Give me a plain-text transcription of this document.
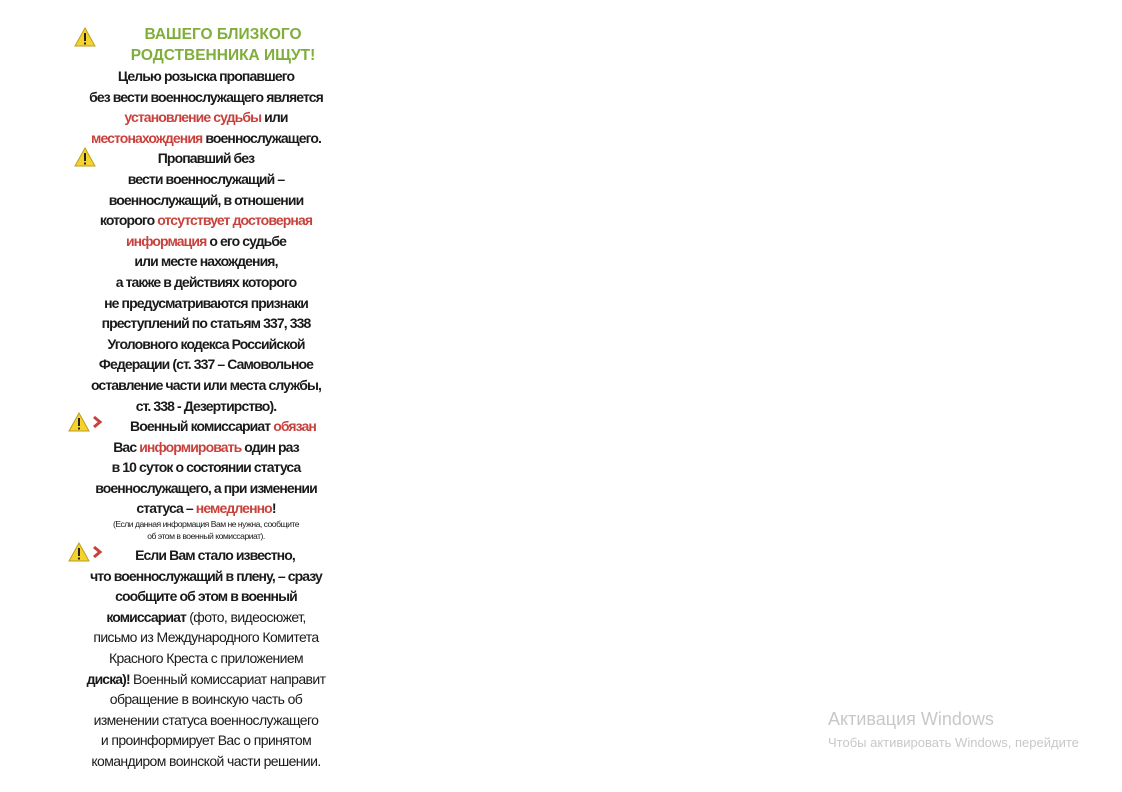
ВАШЕГО БЛИЗКОГО
РОДСТВЕННИКА ИЩУТ!
Целью розыска пропавшего
без вести военнослужащего является
установление судьбы или
местонахождения военнослужащего.
Пропавший без
вести военнослужащий –
военнослужащий, в отношении
которого отсутствует достоверная
информация о его судьбе
или месте нахождения,
а также в действиях которого
не предусматриваются признаки
преступлений по статьям 337, 338
Уголовного кодекса Российской
Федерации (ст. 337 – Самовольное
оставление части или места службы,
ст. 338 - Дезертирство).
Военный комиссариат обязан
Вас информировать один раз
в 10 суток о состоянии статуса
военнослужащего, а при изменении
статуса – немедленно!
(Если данная информация Вам не нужна, сообщите
об этом в военный комиссариат).
Если Вам стало известно,
что военнослужащий в плену, – сразу
сообщите об этом в военный
комиссариат (фото, видеосюжет,
письмо из Международного Комитета
Красного Креста с приложением
диска)! Военный комиссариат направит
обращение в воинскую часть об
изменении статуса военнослужащего
и проинформирует Вас о принятом
командиром воинской части решении.
Активация Windows
Чтобы активировать Windows, перейдите
